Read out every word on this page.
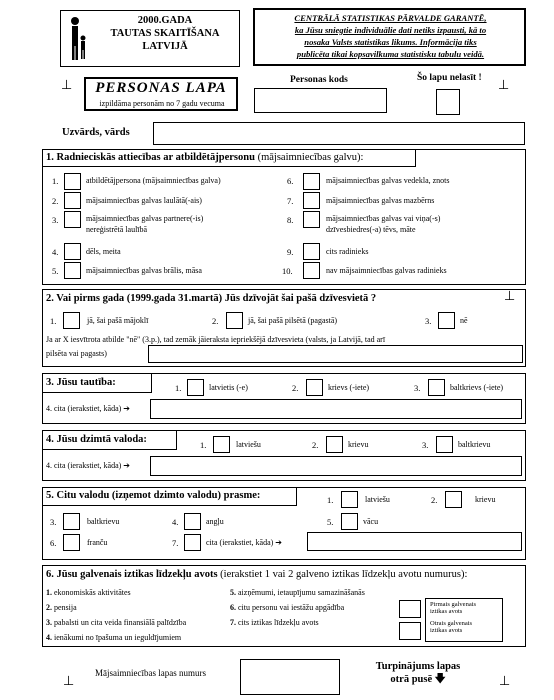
2000.GADA
TAUTAS SKAITĪŠANA
LATVIJĀ
CENTRĀLĀ STATISTIKAS PĀRVALDE GARANTĒ,
ka Jūsu sniegtie individuālie dati netiks izpausti, kā to
nosaka Valsts statistikas likums. Informācija tiks
publicēta tikai kopsavilkuma statistisku tabulu veidā.
⊥	⊥
PERSONAS LAPA
izpildāma personām no 7 gadu vecuma
Personas kods	Šo lapu nelasīt !
Uzvārds, vārds
1. Radnieciskās attiecības ar atbildētājpersonu (mājsaimniecības galvu):
1.	atbildētājpersona (mājsaimniecības galva)
2.	mājsaimniecības galvas laulātā(-ais)
3.	mājsaimniecības galvas partnere(-is)
nereģistrētā laulībā
4.	dēls, meita
5.	mājsaimniecības galvas brālis, māsa
6.	mājsaimniecības galvas vedekla, znots
7.	mājsaimniecības galvas mazbērns
8.	mājsaimniecības galvas vai viņa(-s)
dzīvesbiedres(-a) tēvs, māte
9.	cits radinieks
10.	nav mājsaimniecības galvas radinieks
2. Vai pirms gada (1999.gada 31.martā) Jūs dzīvojāt šai pašā dzīvesvietā ?	⊥
1.	jā, šai pašā mājoklī	2.	jā, šai pašā pilsētā (pagastā)	3.	nē
Ja ar X iesvītrota atbilde "nē" (3.p.), tad zemāk jāieraksta iepriekšējā dzīvesvieta (valsts, ja Latvijā, tad arī
pilsēta vai pagasts)
3. Jūsu tautība:	1.	latvietis (-e)	2.	krievs (-iete)	3.	baltkrievs (-iete)
4. cita (ierakstiet, kāda) ➔
4. Jūsu dzimtā valoda:	1.	latviešu	2.	krievu	3.	baltkrievu
4. cita (ierakstiet, kāda) ➔
5. Citu valodu (izņemot dzimto valodu) prasme:	1.	latviešu	2.	krievu
3.	baltkrievu	4.	angļu	5.	vācu
6.	franču	7.	cita (ierakstiet, kāda) ➔
6. Jūsu galvenais iztikas līdzekļu avots (ierakstiet 1 vai 2 galveno iztikas līdzekļu avotu numurus):
1. ekonomiskās aktivitātes
2. pensija
3. pabalsti un cita veida finansiālā palīdzība
4. ienākumi no īpašuma un ieguldījumiem
5. aizņēmumi, ietaupījumu samazināšanās
6. citu personu vai iestāžu apgādība
7. cits iztikas līdzekļu avots
Pirmais galvenais
iztikas avots
Otrais galvenais
iztikas avots
⊥
Mājsaimniecības lapas numurs
Turpinājums lapas
otrā pusē 🡇	⊥
